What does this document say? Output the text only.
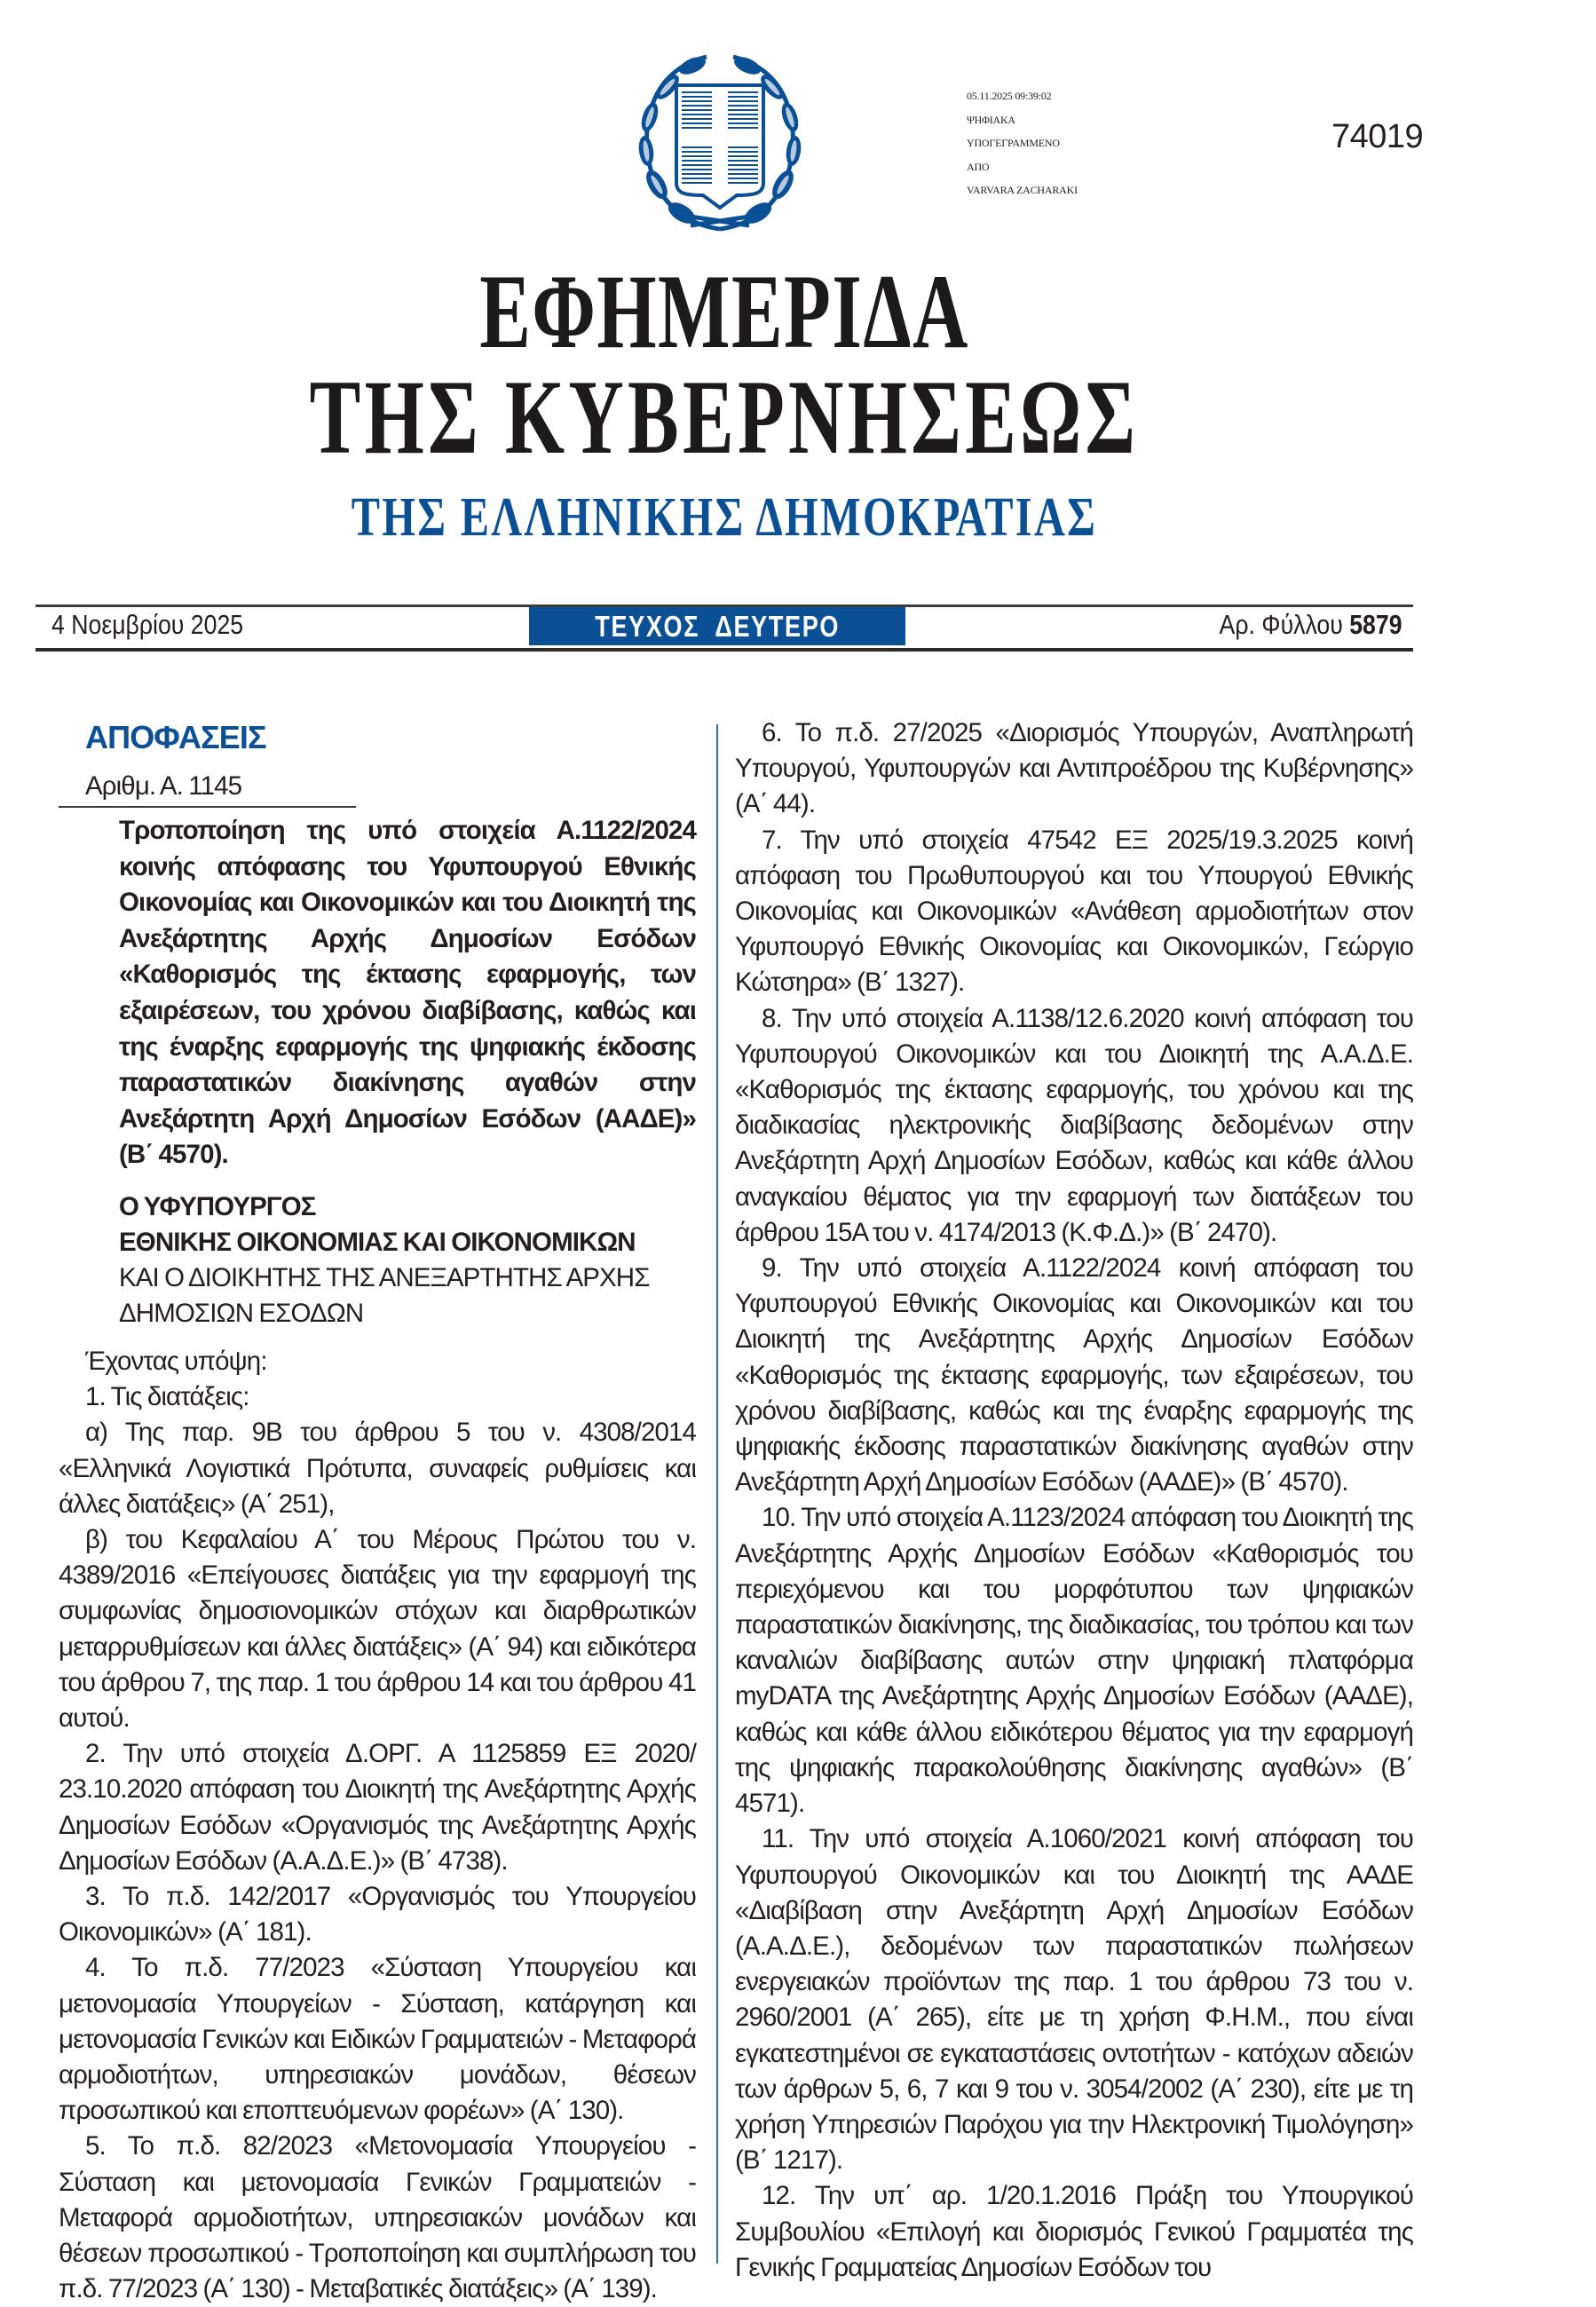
05.11.2025 09:39:02
ΨΗΦΙΑΚΑ
ΥΠΟΓΕΓΡΑΜΜΕΝΟ
ΑΠΟ
VARVARA ZACHARAKI
74019
ΕΦΗΜΕΡΙΔΑ
ΤΗΣ ΚΥΒΕΡΝΗΣΕΩΣ
ΤΗΣ ΕΛΛΗΝΙΚΗΣ ΔΗΜΟΚΡΑΤΙΑΣ
4 Νοεμβρίου 2025	ΤΕΥΧΟΣ  ΔΕΥΤΕΡΟ	Αρ. Φύλλου 5879
ΑΠΟΦΑΣΕΙΣ
Αριθμ. Α. 1145
Τροποποίηση της υπό στοιχεία Α.1122/2024 κοινής απόφασης του Υφυπουργού Εθνικής Οικονομίας και Οικονομικών και του Διοικητή της Ανεξάρτητης Αρχής Δημοσίων Εσόδων «Καθορισμός της έκτασης εφαρμογής, των εξαιρέσεων, του χρόνου διαβίβασης, καθώς και της έναρξης εφαρμογής της ψηφιακής έκδοσης παραστατικών διακίνησης αγαθών στην Ανεξάρτητη Αρχή Δημοσίων Εσόδων (ΑΑΔΕ)» (Β΄ 4570).
Ο ΥΦΥΠΟΥΡΓΟΣ
ΕΘΝΙΚΗΣ ΟΙΚΟΝΟΜΙΑΣ ΚΑΙ ΟΙΚΟΝΟΜΙΚΩΝ
ΚΑΙ Ο ΔΙΟΙΚΗΤΗΣ ΤΗΣ ΑΝΕΞΑΡΤΗΤΗΣ ΑΡΧΗΣ
ΔΗΜΟΣΙΩΝ ΕΣΟΔΩΝ
Έχοντας υπόψη:
1. Τις διατάξεις:
α) Της παρ. 9Β του άρθρου 5 του ν. 4308/2014 «Ελληνικά Λογιστικά Πρότυπα, συναφείς ρυθμίσεις και άλλες διατάξεις» (Α΄ 251),
β) του Κεφαλαίου Α΄ του Μέρους Πρώτου του ν. 4389/2016 «Επείγουσες διατάξεις για την εφαρμογή της συμφωνίας δημοσιονομικών στόχων και διαρθρωτικών μεταρρυθμίσεων και άλλες διατάξεις» (Α΄ 94) και ειδικότερα του άρθρου 7, της παρ. 1 του άρθρου 14 και του άρθρου 41 αυτού.
2. Την υπό στοιχεία Δ.ΟΡΓ. Α 1125859 ΕΞ 2020/ 23.10.2020 απόφαση του Διοικητή της Ανεξάρτητης Αρχής Δημοσίων Εσόδων «Οργανισμός της Ανεξάρτητης Αρχής Δημοσίων Εσόδων (Α.Α.Δ.Ε.)» (Β΄ 4738).
3. Το π.δ. 142/2017 «Οργανισμός του Υπουργείου Οικονομικών» (Α΄ 181).
4. Το π.δ. 77/2023 «Σύσταση Υπουργείου και μετονομασία Υπουργείων - Σύσταση, κατάργηση και μετονομασία Γενικών και Ειδικών Γραμματειών - Μεταφορά αρμοδιοτήτων, υπηρεσιακών μονάδων, θέσεων προσωπικού και εποπτευόμενων φορέων» (Α΄ 130).
5. Το π.δ. 82/2023 «Μετονομασία Υπουργείου - Σύσταση και μετονομασία Γενικών Γραμματειών - Μεταφορά αρμοδιοτήτων, υπηρεσιακών μονάδων και θέσεων προσωπικού - Τροποποίηση και συμπλήρωση του π.δ. 77/2023 (Α΄ 130) - Μεταβατικές διατάξεις» (Α΄ 139).
6. Το π.δ. 27/2025 «Διορισμός Υπουργών, Αναπληρωτή Υπουργού, Υφυπουργών και Αντιπροέδρου της Κυβέρνησης» (Α΄ 44).
7. Την υπό στοιχεία 47542 ΕΞ 2025/19.3.2025 κοινή απόφαση του Πρωθυπουργού και του Υπουργού Εθνικής Οικονομίας και Οικονομικών «Ανάθεση αρμοδιοτήτων στον Υφυπουργό Εθνικής Οικονομίας και Οικονομικών, Γεώργιο Κώτσηρα» (Β΄ 1327).
8. Την υπό στοιχεία Α.1138/12.6.2020 κοινή απόφαση του Υφυπουργού Οικονομικών και του Διοικητή της Α.Α.Δ.Ε. «Καθορισμός της έκτασης εφαρμογής, του χρόνου και της διαδικασίας ηλεκτρονικής διαβίβασης δεδομένων στην Ανεξάρτητη Αρχή Δημοσίων Εσόδων, καθώς και κάθε άλλου αναγκαίου θέματος για την εφαρμογή των διατάξεων του άρθρου 15Α του ν. 4174/2013 (Κ.Φ.Δ.)» (Β΄ 2470).
9. Την υπό στοιχεία Α.1122/2024 κοινή απόφαση του Υφυπουργού Εθνικής Οικονομίας και Οικονομικών και του Διοικητή της Ανεξάρτητης Αρχής Δημοσίων Εσόδων «Καθορισμός της έκτασης εφαρμογής, των εξαιρέσεων, του χρόνου διαβίβασης, καθώς και της έναρξης εφαρμογής της ψηφιακής έκδοσης παραστατικών διακίνησης αγαθών στην Ανεξάρτητη Αρχή Δημοσίων Εσόδων (ΑΑΔΕ)» (Β΄ 4570).
10. Την υπό στοιχεία Α.1123/2024 απόφαση του Διοικητή της Ανεξάρτητης Αρχής Δημοσίων Εσόδων «Καθορισμός του περιεχόμενου και του μορφότυπου των ψηφιακών παραστατικών διακίνησης, της διαδικασίας, του τρόπου και των καναλιών διαβίβασης αυτών στην ψηφιακή πλατφόρμα myDATA της Ανεξάρτητης Αρχής Δημοσίων Εσόδων (ΑΑΔΕ), καθώς και κάθε άλλου ειδικότερου θέματος για την εφαρμογή της ψηφιακής παρακολούθησης διακίνησης αγαθών» (Β΄ 4571).
11. Την υπό στοιχεία Α.1060/2021 κοινή απόφαση του Υφυπουργού Οικονομικών και του Διοικητή της ΑΑΔΕ «Διαβίβαση στην Ανεξάρτητη Αρχή Δημοσίων Εσόδων (Α.Α.Δ.Ε.), δεδομένων των παραστατικών πωλήσεων ενεργειακών προϊόντων της παρ. 1 του άρθρου 73 του ν. 2960/2001 (Α΄ 265), είτε με τη χρήση Φ.Η.Μ., που είναι εγκατεστημένοι σε εγκαταστάσεις οντοτήτων - κατόχων αδειών των άρθρων 5, 6, 7 και 9 του ν. 3054/2002 (Α΄ 230), είτε με τη χρήση Υπηρεσιών Παρόχου για την Ηλεκτρονική Τιμολόγηση» (Β΄ 1217).
12. Την υπ΄ αρ. 1/20.1.2016 Πράξη του Υπουργικού Συμβουλίου «Επιλογή και διορισμός Γενικού Γραμματέα της Γενικής Γραμματείας Δημοσίων Εσόδων του
